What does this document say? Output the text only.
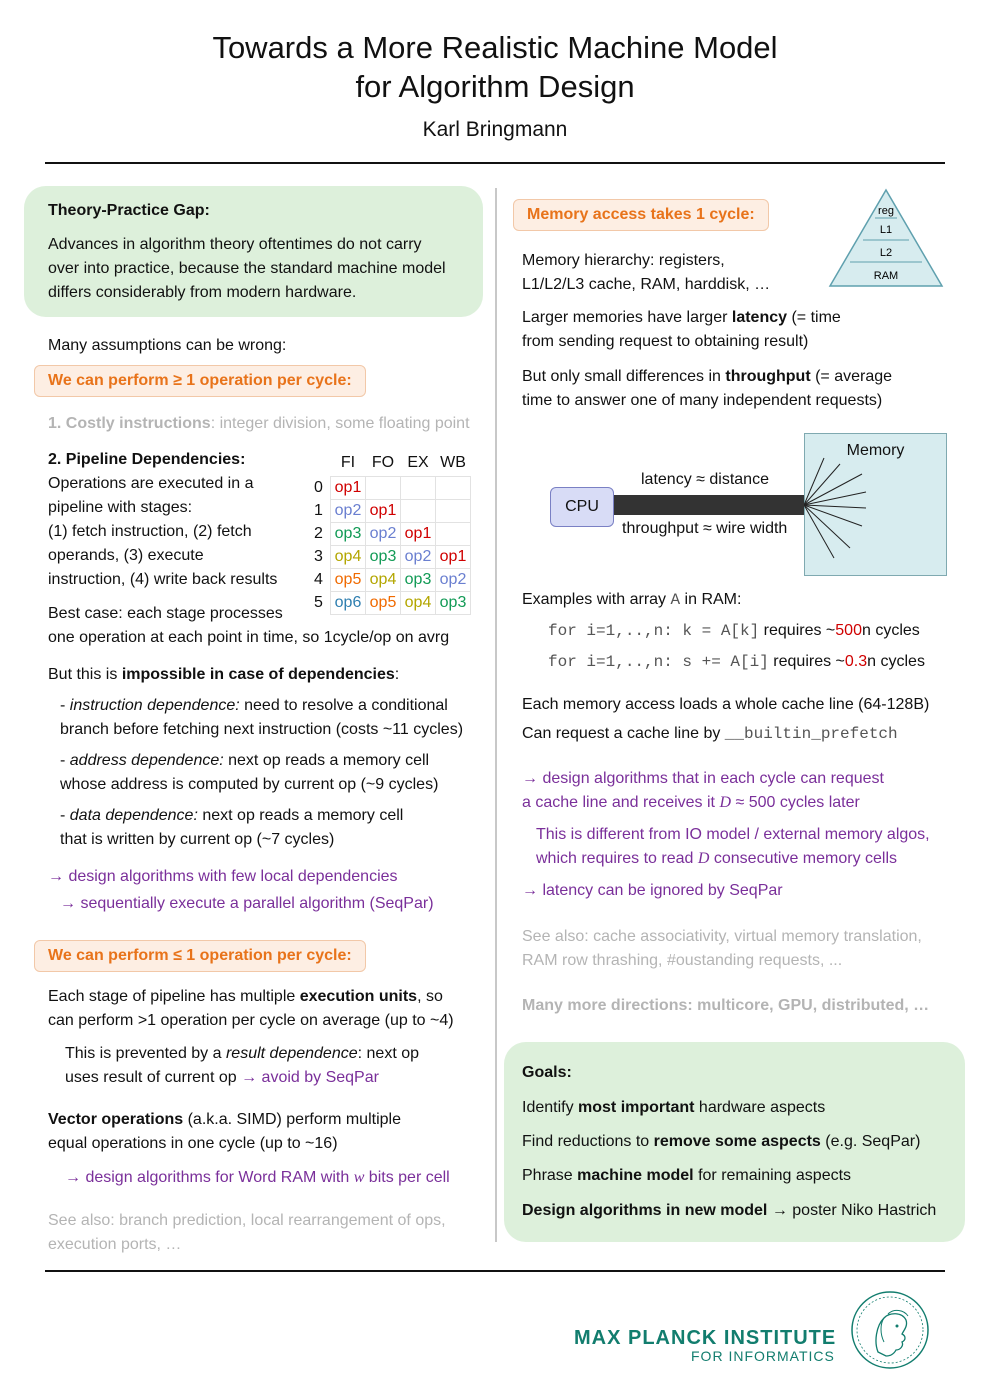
Towards a More Realistic Machine Model
for Algorithm Design
Karl Bringmann
Theory-Practice Gap:
Advances in algorithm theory oftentimes do not carry
over into practice, because the standard machine model
differs considerably from modern hardware.
Many assumptions can be wrong:
We can perform ≥ 1 operation per cycle:
1. Costly instructions: integer division, some floating point
2. Pipeline Dependencies:
Operations are executed in a
pipeline with stages:
(1) fetch instruction, (2) fetch
operands, (3) execute
instruction, (4) write back results
	FI	FO	EX	WB
0	op1			
1	op2	op1		
2	op3	op2	op1	
3	op4	op3	op2	op1
4	op5	op4	op3	op2
5	op6	op5	op4	op3
Best case: each stage processes
one operation at each point in time, so 1cycle/op on avrg
But this is impossible in case of dependencies:
- instruction dependence: need to resolve a conditional
branch before fetching next instruction (costs ~11 cycles)
- address dependence: next op reads a memory cell
whose address is computed by current op (~9 cycles)
- data dependence: next op reads a memory cell
that is written by current op (~7 cycles)
→ design algorithms with few local dependencies
→ sequentially execute a parallel algorithm (SeqPar)
We can perform ≤ 1 operation per cycle:
Each stage of pipeline has multiple execution units, so
can perform >1 operation per cycle on average (up to ~4)
This is prevented by a result dependence: next op
uses result of current op → avoid by SeqPar
Vector operations (a.k.a. SIMD) perform multiple
equal operations in one cycle (up to ~16)
→ design algorithms for Word RAM with w bits per cell
See also: branch prediction, local rearrangement of ops,
execution ports, …
Memory access takes 1 cycle:	reg
L1
L2
RAM
Memory hierarchy: registers,
L1/L2/L3 cache, RAM, harddisk, …
Larger memories have larger latency (= time
from sending request to obtaining result)
But only small differences in throughput (= average
time to answer one of many independent requests)
Memory
CPU
latency ≈ distance
throughput ≈ wire width
Examples with array A in RAM:
for i=1,..,n: k = A[k] requires ~500n cycles
for i=1,..,n: s += A[i] requires ~0.3n cycles
Each memory access loads a whole cache line (64-128B)
Can request a cache line by __builtin_prefetch
→ design algorithms that in each cycle can request
a cache line and receives it D ≈ 500 cycles later
This is different from IO model / external memory algos,
which requires to read D consecutive memory cells
→ latency can be ignored by SeqPar
See also: cache associativity, virtual memory translation,
RAM row thrashing, #oustanding requests, ...
Many more directions: multicore, GPU, distributed, …
Goals:
Identify most important hardware aspects
Find reductions to remove some aspects (e.g. SeqPar)
Phrase machine model for remaining aspects
Design algorithms in new model → poster Niko Hastrich
MAX PLANCK INSTITUTE
FOR INFORMATICS
